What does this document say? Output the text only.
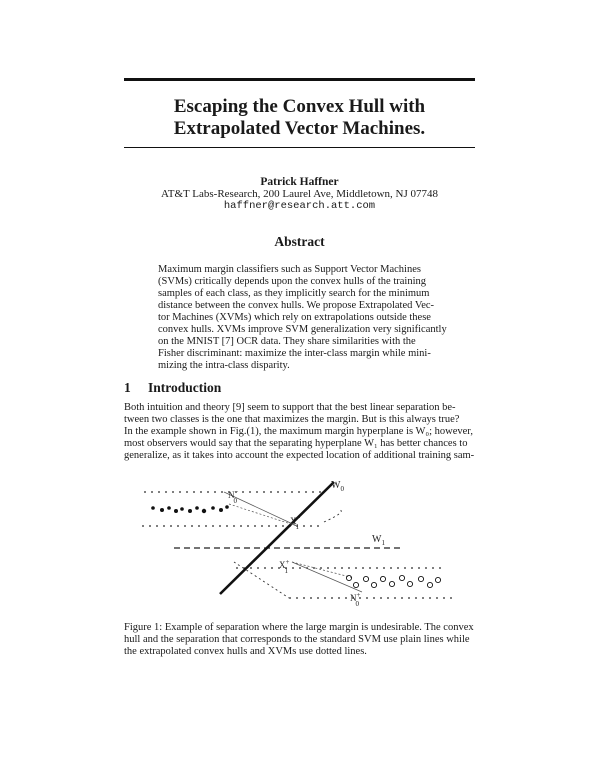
Escaping the Convex Hull with
Extrapolated Vector Machines.
Patrick Haffner
AT&T Labs-Research, 200 Laurel Ave, Middletown, NJ 07748
haffner@research.att.com
Abstract
Maximum margin classifiers such as Support Vector Machines
(SVMs) critically depends upon the convex hulls of the training
samples of each class, as they implicitly search for the minimum
distance between the convex hulls. We propose Extrapolated Vec-
tor Machines (XVMs) which rely on extrapolations outside these
convex hulls. XVMs improve SVM generalization very significantly
on the MNIST [7] OCR data. They share similarities with the
Fisher discriminant: maximize the inter-class margin while mini-
mizing the intra-class disparity.
1 Introduction
Both intuition and theory [9] seem to support that the best linear separation be-
tween two classes is the one that maximizes the margin. But is this always true?
In the example shown in Fig.(1), the maximum margin hyperplane is W₀; however,
most observers would say that the separating hyperplane W₁ has better chances to
generalize, as it takes into account the expected location of additional training sam-
$W_0$
$W_1$
N− 0
X− 1
X+ 1
N+ 0
Figure 1: Example of separation where the large margin is undesirable. The convex
hull and the separation that corresponds to the standard SVM use plain lines while
the extrapolated convex hulls and XVMs use dotted lines.
